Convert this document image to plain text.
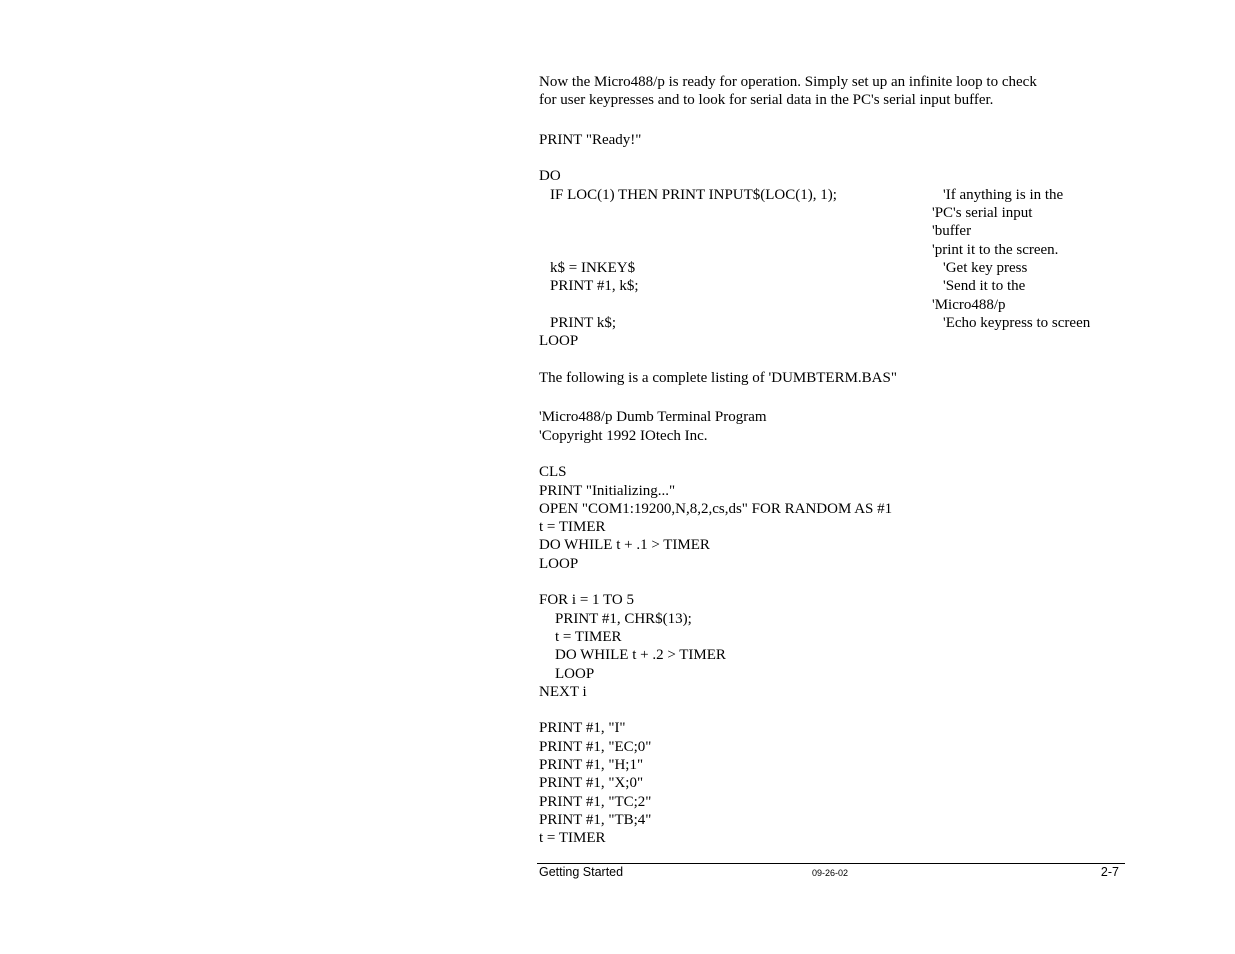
Now the Micro488/p is ready for operation. Simply set up an infinite loop to check
for user keypresses and to look for serial data in the PC's serial input buffer.
PRINT "Ready!"
DO
IF LOC(1) THEN PRINT INPUT$(LOC(1), 1);	'If anything is in the
'PC's serial input
'buffer
'print it to the screen.
k$ = INKEY$	'Get key press
PRINT #1, k$;	'Send it to the
'Micro488/p
PRINT k$;	'Echo keypress to screen
LOOP
The following is a complete listing of 'DUMBTERM.BAS"
'Micro488/p Dumb Terminal Program
'Copyright 1992 IOtech Inc.
CLS
PRINT "Initializing..."
OPEN "COM1:19200,N,8,2,cs,ds" FOR RANDOM AS #1
t = TIMER
DO WHILE t + .1 > TIMER
LOOP
FOR i = 1 TO 5
PRINT #1, CHR$(13);
t = TIMER
DO WHILE t + .2 > TIMER
LOOP
NEXT i
PRINT #1, "I"
PRINT #1, "EC;0"
PRINT #1, "H;1"
PRINT #1, "X;0"
PRINT #1, "TC;2"
PRINT #1, "TB;4"
t = TIMER
Getting Started	09-26-02	2-7
